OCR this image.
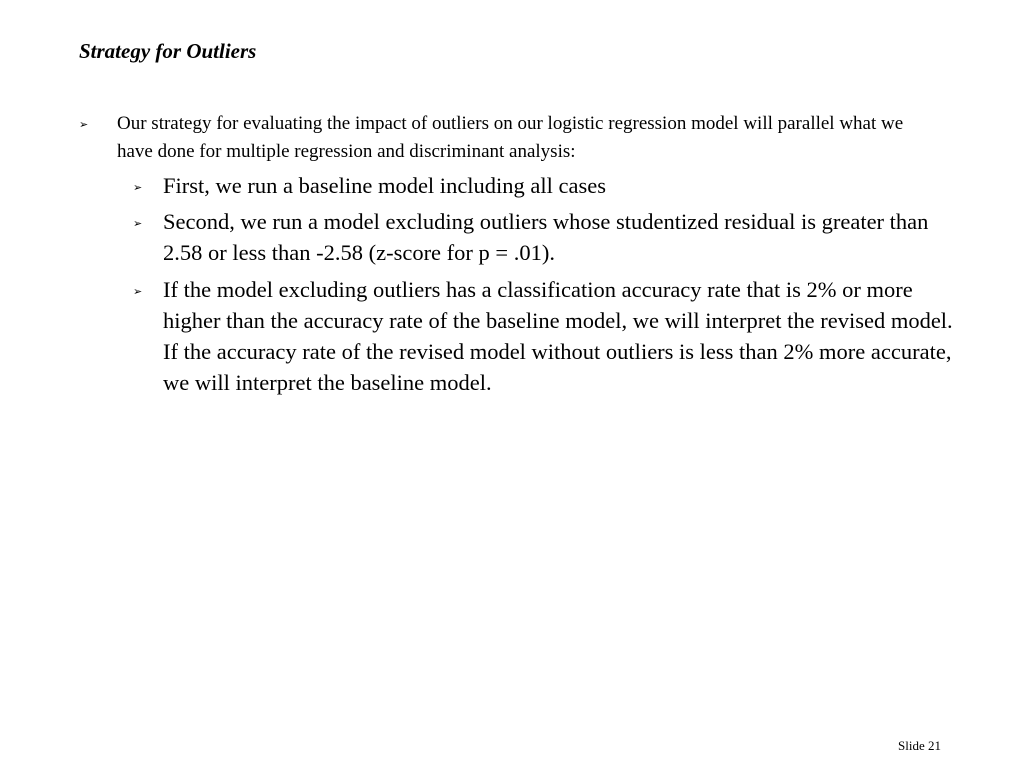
Strategy for Outliers
➢ Our strategy for evaluating the impact of outliers on our logistic regression model will parallel what we have done for multiple regression and discriminant analysis:

➢ First, we run a baseline model including all cases

➢ Second, we run a model excluding outliers whose studentized residual is greater than 2.58 or less than -2.58 (z-score for p = .01).

➢ If the model excluding outliers has a classification accuracy rate that is 2% or more higher than the accuracy rate of the baseline model, we will interpret the revised model. If the accuracy rate of the revised model without outliers is less than 2% more accurate, we will interpret the baseline model.

Slide 21
